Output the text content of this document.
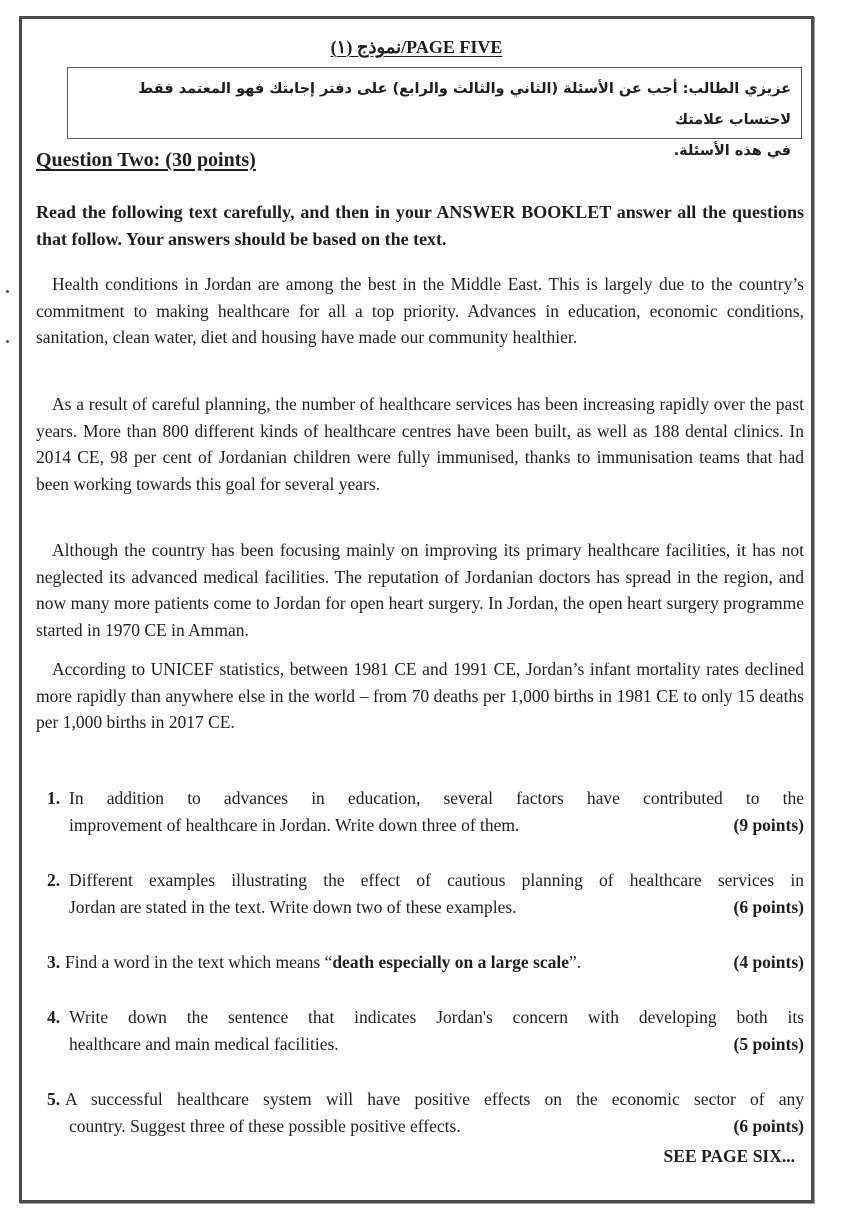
نموذج (١)/PAGE FIVE
عزيزي الطالب: أجب عن الأسئلة (الثاني والثالث والرابع) على دفتر إجابتك فهو المعتمد فقط لاحتساب علامتك
في هذه الأسئلة.
Question Two: (30 points)
Read the following text carefully, and then in your ANSWER BOOKLET answer all the questions that follow. Your answers should be based on the text.

Health conditions in Jordan are among the best in the Middle East. This is largely due to the country’s commitment to making healthcare for all a top priority. Advances in education, economic conditions, sanitation, clean water, diet and housing have made our community healthier.

As a result of careful planning, the number of healthcare services has been increasing rapidly over the past years. More than 800 different kinds of healthcare centres have been built, as well as 188 dental clinics. In 2014 CE, 98 per cent of Jordanian children were fully immunised, thanks to immunisation teams that had been working towards this goal for several years.

Although the country has been focusing mainly on improving its primary healthcare facilities, it has not neglected its advanced medical facilities. The reputation of Jordanian doctors has spread in the region, and now many more patients come to Jordan for open heart surgery. In Jordan, the open heart surgery programme started in 1970 CE in Amman.

According to UNICEF statistics, between 1981 CE and 1991 CE, Jordan’s infant mortality rates declined more rapidly than anywhere else in the world – from 70 deaths per 1,000 births in 1981 CE to only 15 deaths per 1,000 births in 2017 CE.

1. In addition to advances in education, several factors have contributed to the
improvement of healthcare in Jordan. Write down three of them.	(9 points)
2. Different examples illustrating the effect of cautious planning of healthcare services in
Jordan are stated in the text. Write down two of these examples.	(6 points)
3. Find a word in the text which means “death especially on a large scale”.	(4 points)
4. Write down the sentence that indicates Jordan's concern with developing both its
healthcare and main medical facilities.	(5 points)
5. A successful healthcare system will have positive effects on the economic sector of any
country. Suggest three of these possible positive effects.	(6 points)
SEE PAGE SIX...
